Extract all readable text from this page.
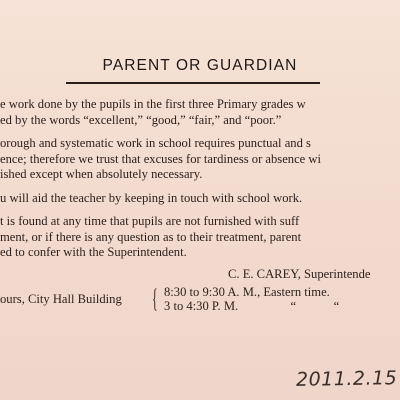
PARENT OR GUARDIAN
e work done by the pupils in the first three Primary grades w
ed by the words “excellent,” “good,” “fair,” and “poor.”
orough and systematic work in school requires punctual and s
ence; therefore we trust that excuses for tardiness or absence wi
ished except when absolutely necessary.
u will aid the teacher by keeping in touch with school work.
t is found at any time that pupils are not furnished with suff
ment, or if there is any question as to their treatment, parent
ed to confer with the Superintendent.
C. E. CAREY, Superintende
ours, City Hall Building { 8:30 to 9:30 A. M., Eastern time.
3 to 4:30 P. M.	“	“
2011.2.15
